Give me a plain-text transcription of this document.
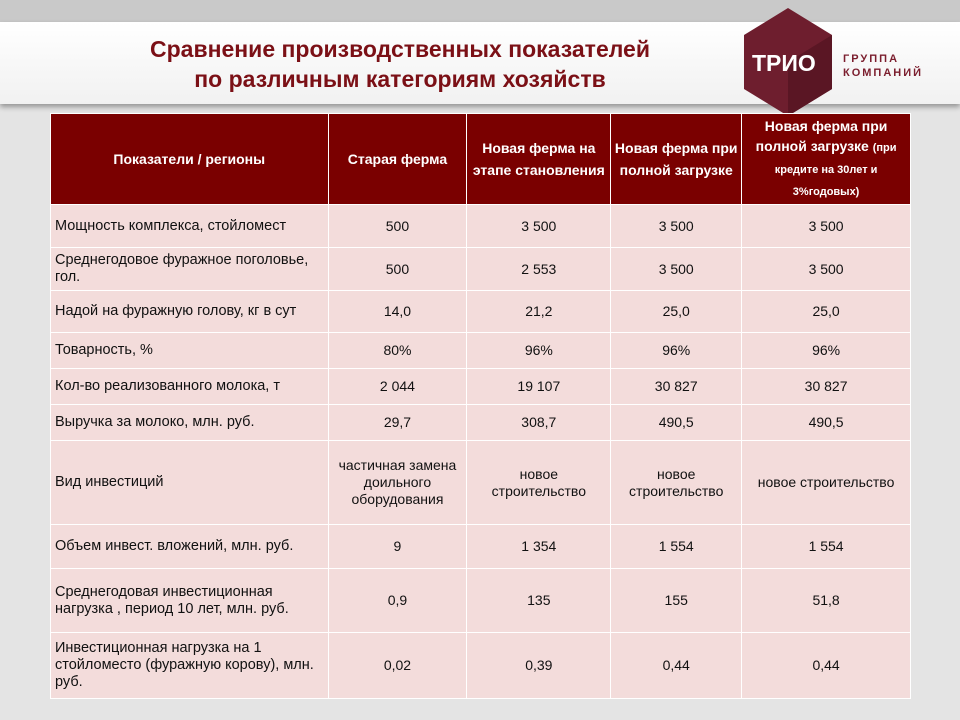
Сравнение производственных показателей
по различным категориям хозяйств
ТРИО ГРУППА
КОМПАНИЙ
Показатели / регионы	Старая ферма	Новая ферма на этапе становления	Новая ферма при полной загрузке	Новая ферма при полной загрузке (при кредите на 30лет и 3%годовых)
Мощность комплекса, стойломест	500	3 500	3 500	3 500
Среднегодовое фуражное поголовье, гол.	500	2 553	3 500	3 500
Надой на фуражную голову, кг в сут	14,0	21,2	25,0	25,0
Товарность, %	80%	96%	96%	96%
Кол-во реализованного молока, т	2 044	19 107	30 827	30 827
Выручка за молоко, млн. руб.	29,7	308,7	490,5	490,5
Вид инвестиций	частичная замена доильного оборудования	новое строительство	новое строительство	новое строительство
Объем инвест. вложений, млн. руб.	9	1 354	1 554	1 554
Среднегодовая инвестиционная нагрузка , период 10 лет, млн. руб.	0,9	135	155	51,8
Инвестиционная нагрузка на 1 стойломесто (фуражную корову), млн. руб.	0,02	0,39	0,44	0,44
